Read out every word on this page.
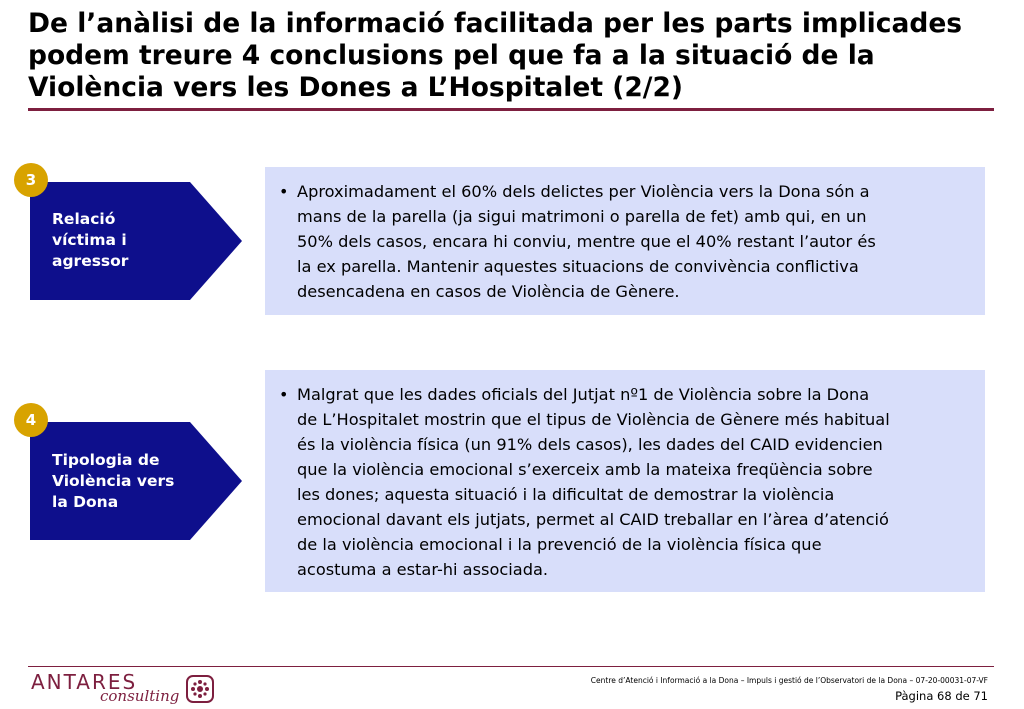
De l’anàlisi de la informació facilitada per les parts implicades podem treure 4 conclusions pel que fa a la situació de la Violència vers les Dones a L’Hospitalet (2/2)
3
Relació
víctima i
agressor
• Aproximadament el 60% dels delictes per Violència vers la Dona són a
mans de la parella (ja sigui matrimoni o parella de fet) amb qui, en un
50% dels casos, encara hi conviu, mentre que el 40% restant l’autor és
la ex parella. Mantenir aquestes situacions de convivència conflictiva
desencadena en casos de Violència de Gènere.
4
Tipologia de
Violència vers
la Dona
• Malgrat que les dades oficials del Jutjat nº1 de Violència sobre la Dona
de L’Hospitalet mostrin que el tipus de Violència de Gènere més habitual
és la violència física (un 91% dels casos), les dades del CAID evidencien
que la violència emocional s’exerceix amb la mateixa freqüència sobre
les dones; aquesta situació i la dificultat de demostrar la violència
emocional davant els jutjats, permet al CAID treballar en l’àrea d’atenció
de la violència emocional i la prevenció de la violència física que
acostuma a estar-hi associada.
ANTARES
consulting
Centre d’Atenció i Informació a la Dona – Impuls i gestió de l’Observatori de la Dona – 07-20-00031-07-VF
Pàgina 68 de 71
